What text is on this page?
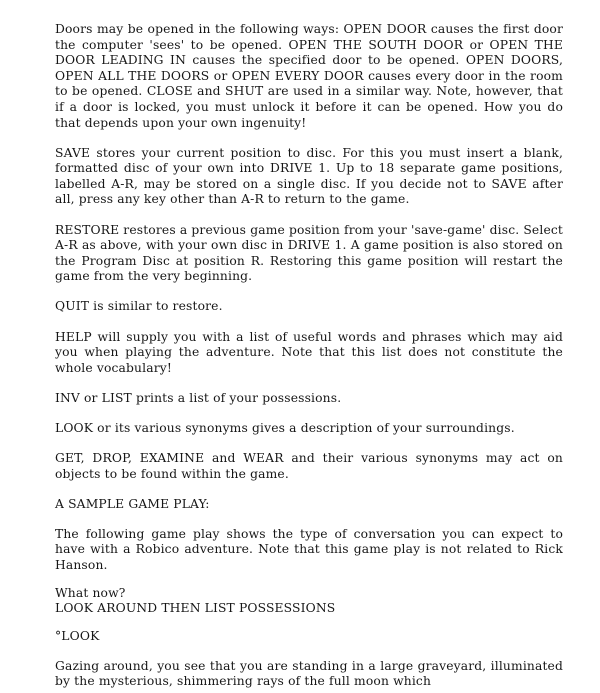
Doors may be opened in the following ways: OPEN DOOR causes the first door the computer 'sees' to be opened. OPEN THE SOUTH DOOR or OPEN THE DOOR LEADING IN causes the specified door to be opened. OPEN DOORS, OPEN ALL THE DOORS or OPEN EVERY DOOR causes every door in the room to be opened. CLOSE and SHUT are used in a similar way. Note, however, that if a door is locked, you must unlock it before it can be opened. How you do that depends upon your own ingenuity!

SAVE stores your current position to disc. For this you must insert a blank, formatted disc of your own into DRIVE 1. Up to 18 separate game positions, labelled A-R, may be stored on a single disc. If you decide not to SAVE after all, press any key other than A-R to return to the game.

RESTORE restores a previous game position from your 'save-game' disc. Select A-R as above, with your own disc in DRIVE 1. A game position is also stored on the Program Disc at position R. Restoring this game position will restart the game from the very beginning.

QUIT is similar to restore.

HELP will supply you with a list of useful words and phrases which may aid you when playing the adventure. Note that this list does not constitute the whole vocabulary!

INV or LIST prints a list of your possessions.

LOOK or its various synonyms gives a description of your surroundings.

GET, DROP, EXAMINE and WEAR and their various synonyms may act on objects to be found within the game.

A SAMPLE GAME PLAY:

The following game play shows the type of conversation you can expect to have with a Robico adventure. Note that this game play is not related to Rick Hanson.

What now?

LOOK AROUND THEN LIST POSSESSIONS

°LOOK

Gazing around, you see that you are standing in a large graveyard, illuminated by the mysterious, shimmering rays of the full moon which
